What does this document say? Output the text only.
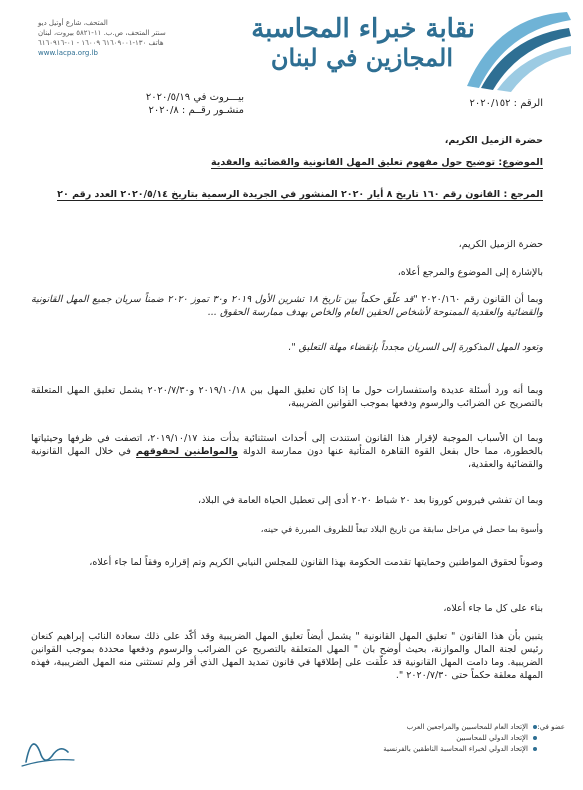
نقابة خبراء المحاسبة
المجازين في لبنان
المتحف، شارع أوتيل ديو
سنتر المتحف، ص.ب. ١١-٥٨٢١ بيروت، لبنان
هاتف ١٣٠-٦١٦٠٩٠٠١ ١٦٠٠٩ - ٠١-٦١٦٠٩١٦
www.lacpa.org.lb
الرقم : ٢٠٢٠/١٥٢
بيـــروت في ٢٠٢٠/٥/١٩
منشـور رقــم : ٢٠٢٠/٨
حضرة الزميل الكريم،
الموضوع: توضيح حول مفهوم تعليق المهل القانونية والقضائية والعقدية
المرجع : القانون رقم ١٦٠ تاريخ ٨ أيار ٢٠٢٠ المنشور في الجريدة الرسمية بتاريخ ٢٠٢٠/٥/١٤ العدد رقم ٢٠
حضرة الزميل الكريم،
بالإشارة إلى الموضوع والمرجع أعلاه،
وبما أن القانون رقم ٢٠٢٠/١٦٠ "قد علّق حكماً بين تاريخ ١٨ تشرين الأول ٢٠١٩ و٣٠ تموز ٢٠٢٠ ضمناً سريان جميع المهل القانونية والقضائية والعقدية الممنوحة لأشخاص الحقين العام والخاص بهدف ممارسة الحقوق ...
وتعود المهل المذكورة إلى السريان مجدداً بإنقضاء مهلة التعليق ".
وبما أنه ورد أسئلة عديدة واستفسارات حول ما إذا كان تعليق المهل بين ٢٠١٩/١٠/١٨ و٢٠٢٠/٧/٣٠ يشمل تعليق المهل المتعلقة بالتصريح عن الضرائب والرسوم ودفعها بموجب القوانين الضريبية،
وبما ان الأسباب الموجبة لإقرار هذا القانون استندت إلى أحداث استثنائية بدأت منذ ٢٠١٩/١٠/١٧، اتصفت في ظرفها وحيثياتها بالخطورة، مما حال بفعل القوة القاهرة المتأتية عنها دون ممارسة الدولة والمواطنين لحقوقهم في خلال المهل القانونية والقضائية والعقدية،
وبما ان تفشي فيروس كورونا بعد ٢٠ شباط ٢٠٢٠ أدى إلى تعطيل الحياة العامة في البلاد،
وأسوة بما حصل في مراحل سابقة من تاريخ البلاد تبعاً للظروف المبررة في حينه،
وصوناً لحقوق المواطنين وحمايتها تقدمت الحكومة بهذا القانون للمجلس النيابي الكريم وتم إقراره وفقاً لما جاء أعلاه،
بناء على كل ما جاء أعلاه،
يتبين بأن هذا القانون " تعليق المهل القانونية " يشمل أيضاً تعليق المهل الضريبية وقد أكّد على ذلك سعادة النائب إبراهيم كنعان رئيس لجنة المال والموازنة، بحيث أوضح بان " المهل المتعلقة بالتصريح عن الضرائب والرسوم ودفعها محددة بموجب القوانين الضريبية. وما دامت المهل القانونية قد علّقت على إطلاقها في قانون تمديد المهل الذي أقر ولم تستثنى منه المهل الضريبية، فهذه المهلة معلقة حكماً حتى ٢٠٢٠/٧/٣٠ ".
عضو في:
الإتحاد العام للمحاسبين والمراجعين العرب
الإتحاد الدولي للمحاسبين
الإتحاد الدولي لخبراء المحاسبة الناطقين بالفرنسية
